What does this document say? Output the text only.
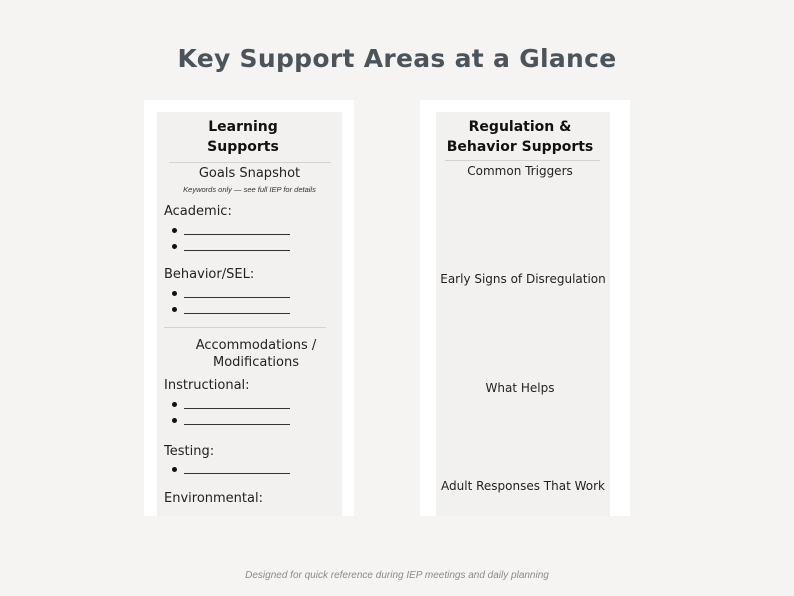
Key Support Areas at a Glance
Learning
Supports
Goals Snapshot
Keywords only — see full IEP for details
Academic:
Behavior/SEL:
Accommodations /
Modifications
Instructional:
Testing:
Environmental:
Regulation &
Behavior Supports
Common Triggers
Early Signs of Disregulation
What Helps
Adult Responses That Work
Designed for quick reference during IEP meetings and daily planning
